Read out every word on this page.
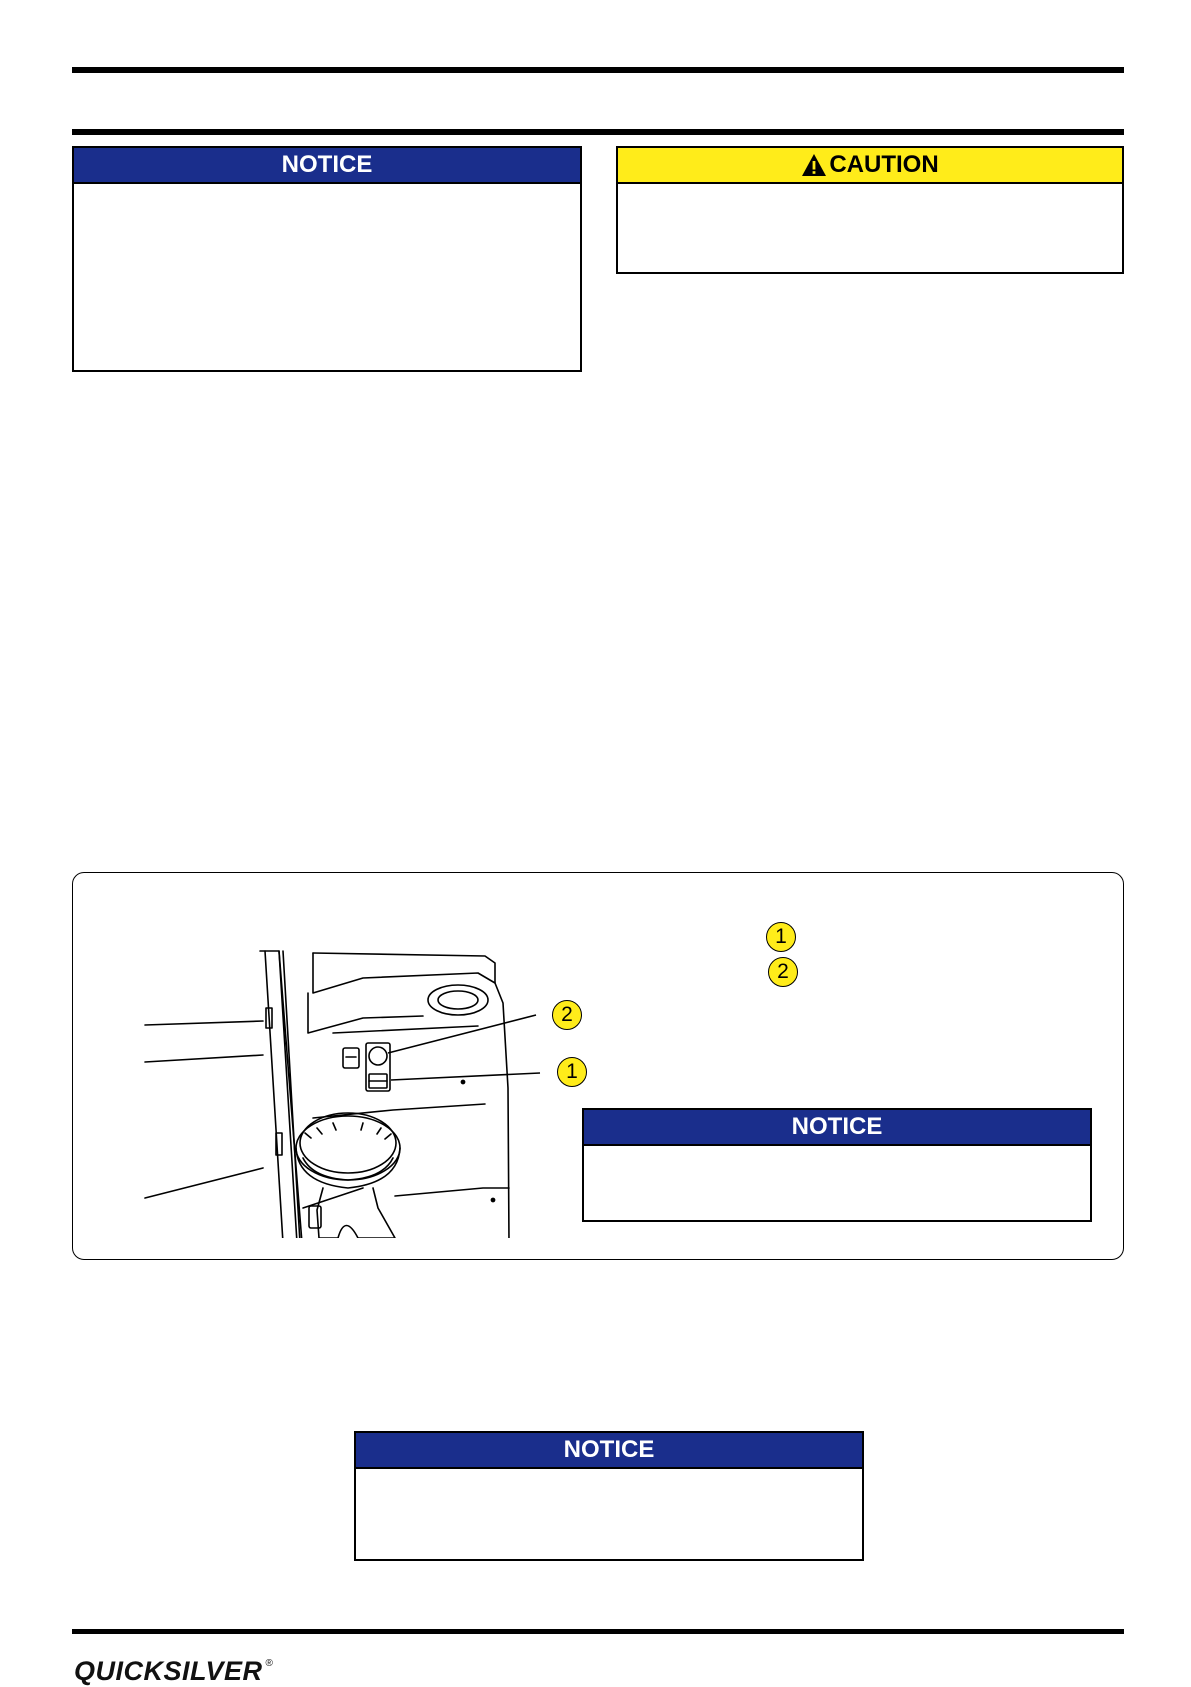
NOTICE	CAUTION
2
1
1
2
NOTICE
NOTICE
QUICKSILVER ®
